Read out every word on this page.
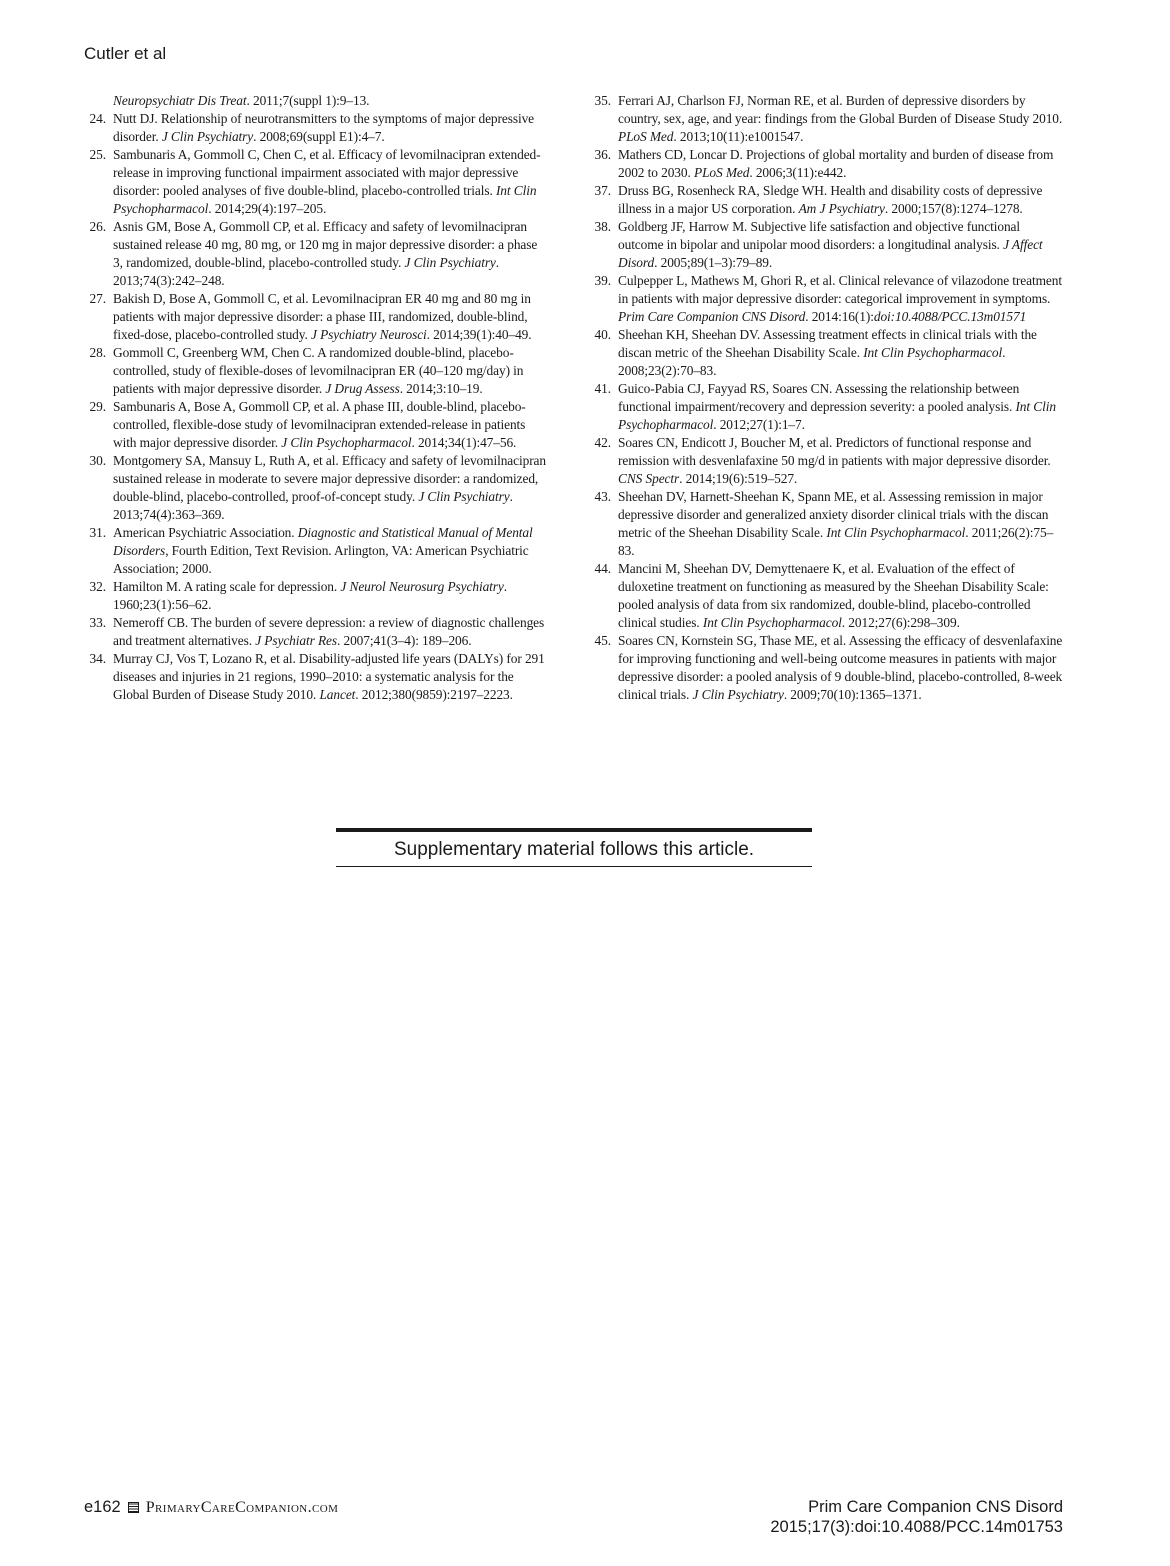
Cutler et al
Neuropsychiatr Dis Treat. 2011;7(suppl 1):9–13.
24. Nutt DJ. Relationship of neurotransmitters to the symptoms of major depressive disorder. J Clin Psychiatry. 2008;69(suppl E1):4–7.
25. Sambunaris A, Gommoll C, Chen C, et al. Efficacy of levomilnacipran extended-release in improving functional impairment associated with major depressive disorder: pooled analyses of five double-blind, placebo-controlled trials. Int Clin Psychopharmacol. 2014;29(4):197–205.
26. Asnis GM, Bose A, Gommoll CP, et al. Efficacy and safety of levomilnacipran sustained release 40 mg, 80 mg, or 120 mg in major depressive disorder: a phase 3, randomized, double-blind, placebo-controlled study. J Clin Psychiatry. 2013;74(3):242–248.
27. Bakish D, Bose A, Gommoll C, et al. Levomilnacipran ER 40 mg and 80 mg in patients with major depressive disorder: a phase III, randomized, double-blind, fixed-dose, placebo-controlled study. J Psychiatry Neurosci. 2014;39(1):40–49.
28. Gommoll C, Greenberg WM, Chen C. A randomized double-blind, placebo-controlled, study of flexible-doses of levomilnacipran ER (40–120 mg/day) in patients with major depressive disorder. J Drug Assess. 2014;3:10–19.
29. Sambunaris A, Bose A, Gommoll CP, et al. A phase III, double-blind, placebo-controlled, flexible-dose study of levomilnacipran extended-release in patients with major depressive disorder. J Clin Psychopharmacol. 2014;34(1):47–56.
30. Montgomery SA, Mansuy L, Ruth A, et al. Efficacy and safety of levomilnacipran sustained release in moderate to severe major depressive disorder: a randomized, double-blind, placebo-controlled, proof-of-concept study. J Clin Psychiatry. 2013;74(4):363–369.
31. American Psychiatric Association. Diagnostic and Statistical Manual of Mental Disorders, Fourth Edition, Text Revision. Arlington, VA: American Psychiatric Association; 2000.
32. Hamilton M. A rating scale for depression. J Neurol Neurosurg Psychiatry. 1960;23(1):56–62.
33. Nemeroff CB. The burden of severe depression: a review of diagnostic challenges and treatment alternatives. J Psychiatr Res. 2007;41(3–4): 189–206.
34. Murray CJ, Vos T, Lozano R, et al. Disability-adjusted life years (DALYs) for 291 diseases and injuries in 21 regions, 1990–2010: a systematic analysis for the Global Burden of Disease Study 2010. Lancet. 2012;380(9859):2197–2223.
35. Ferrari AJ, Charlson FJ, Norman RE, et al. Burden of depressive disorders by country, sex, age, and year: findings from the Global Burden of Disease Study 2010. PLoS Med. 2013;10(11):e1001547.
36. Mathers CD, Loncar D. Projections of global mortality and burden of disease from 2002 to 2030. PLoS Med. 2006;3(11):e442.
37. Druss BG, Rosenheck RA, Sledge WH. Health and disability costs of depressive illness in a major US corporation. Am J Psychiatry. 2000;157(8):1274–1278.
38. Goldberg JF, Harrow M. Subjective life satisfaction and objective functional outcome in bipolar and unipolar mood disorders: a longitudinal analysis. J Affect Disord. 2005;89(1–3):79–89.
39. Culpepper L, Mathews M, Ghori R, et al. Clinical relevance of vilazodone treatment in patients with major depressive disorder: categorical improvement in symptoms. Prim Care Companion CNS Disord. 2014:16(1):doi:10.4088/PCC.13m01571
40. Sheehan KH, Sheehan DV. Assessing treatment effects in clinical trials with the discan metric of the Sheehan Disability Scale. Int Clin Psychopharmacol. 2008;23(2):70–83.
41. Guico-Pabia CJ, Fayyad RS, Soares CN. Assessing the relationship between functional impairment/recovery and depression severity: a pooled analysis. Int Clin Psychopharmacol. 2012;27(1):1–7.
42. Soares CN, Endicott J, Boucher M, et al. Predictors of functional response and remission with desvenlafaxine 50 mg/d in patients with major depressive disorder. CNS Spectr. 2014;19(6):519–527.
43. Sheehan DV, Harnett-Sheehan K, Spann ME, et al. Assessing remission in major depressive disorder and generalized anxiety disorder clinical trials with the discan metric of the Sheehan Disability Scale. Int Clin Psychopharmacol. 2011;26(2):75–83.
44. Mancini M, Sheehan DV, Demyttenaere K, et al. Evaluation of the effect of duloxetine treatment on functioning as measured by the Sheehan Disability Scale: pooled analysis of data from six randomized, double-blind, placebo-controlled clinical studies. Int Clin Psychopharmacol. 2012;27(6):298–309.
45. Soares CN, Kornstein SG, Thase ME, et al. Assessing the efficacy of desvenlafaxine for improving functioning and well-being outcome measures in patients with major depressive disorder: a pooled analysis of 9 double-blind, placebo-controlled, 8-week clinical trials. J Clin Psychiatry. 2009;70(10):1365–1371.
Supplementary material follows this article.
e162 PrimaryCareCompanion.com	Prim Care Companion CNS Disord
2015;17(3):doi:10.4088/PCC.14m01753
